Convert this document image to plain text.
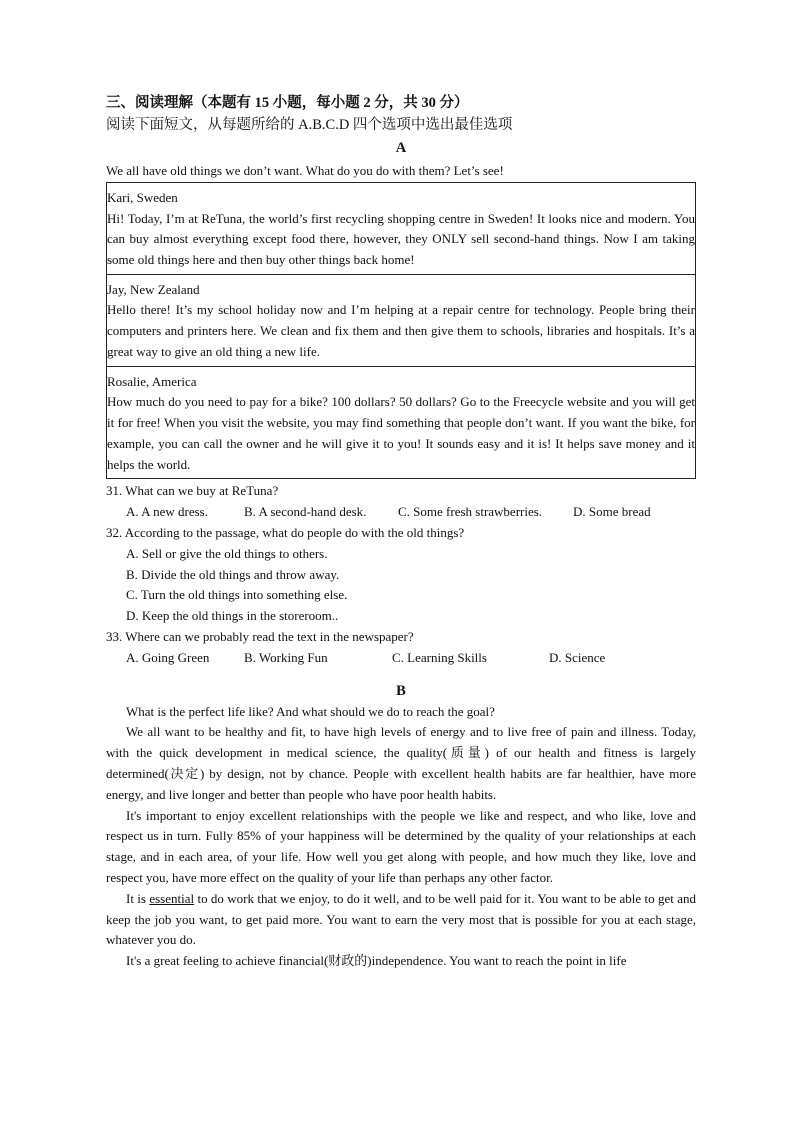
三、阅读理解（本题有 15 小题，每小题 2 分，共 30 分）

阅读下面短文，从每题所给的 A.B.C.D 四个选项中选出最佳选项

A

We all have old things we don’t want. What do you do with them? Let’s see!

Kari, Sweden

Hi! Today, I’m at ReTuna, the world’s first recycling shopping centre in Sweden! It looks nice and modern. You can buy almost everything except food there, however, they ONLY sell second-hand things. Now I am taking some old things here and then buy other things back home!

Jay, New Zealand

Hello there! It’s my school holiday now and I’m helping at a repair centre for technology. People bring their computers and printers here. We clean and fix them and then give them to schools, libraries and hospitals. It’s a great way to give an old thing a new life.

Rosalie, America

How much do you need to pay for a bike? 100 dollars? 50 dollars? Go to the Freecycle website and you will get it for free! When you visit the website, you may find something that people don’t want. If you want the bike, for example, you can call the owner and he will give it to you! It sounds easy and it is! It helps save money and it helps the world.

31. What can we buy at ReTuna?

A. A new dress.	B. A second-hand desk.	C. Some fresh strawberries.	D. Some bread

32. According to the passage, what do people do with the old things?

A. Sell or give the old things to others.
B. Divide the old things and throw away.
C. Turn the old things into something else.
D. Keep the old things in the storeroom..

33. Where can we probably read the text in the newspaper?

A. Going Green	B. Working Fun	C. Learning Skills	D. Science

B

What is the perfect life like? And what should we do to reach the goal?

We all want to be healthy and fit, to have high levels of energy and to live free of pain and illness. Today, with the quick development in medical science, the quality(质量) of our health and fitness is largely determined(决定) by design, not by chance. People with excellent health habits are far healthier, have more energy, and live longer and better than people who have poor health habits.

It's important to enjoy excellent relationships with the people we like and respect, and who like, love and respect us in turn. Fully 85% of your happiness will be determined by the quality of your relationships at each stage, and in each area, of your life. How well you get along with people, and how much they like, love and respect you, have more effect on the quality of your life than perhaps any other factor.

It is essential to do work that we enjoy, to do it well, and to be well paid for it. You want to be able to get and keep the job you want, to get paid more. You want to earn the very most that is possible for you at each stage, whatever you do.

It's a great feeling to achieve financial(财政的)independence. You want to reach the point in life
